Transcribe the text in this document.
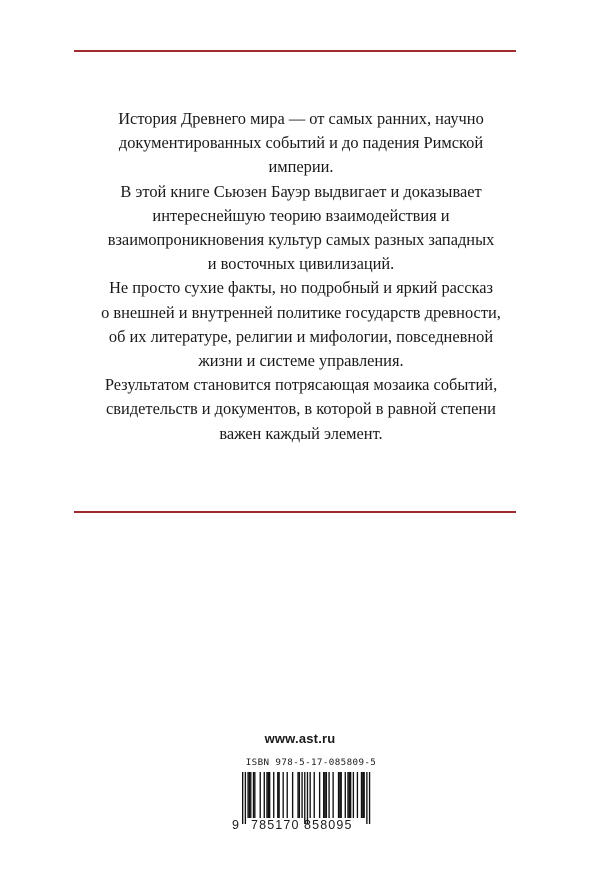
История Древнего мира — от самых ранних, научно
документированных событий и до падения Римской
империи.

В этой книге Сьюзен Бауэр выдвигает и доказывает
интереснейшую теорию взаимодействия и
взаимопроникновения культур самых разных западных
и восточных цивилизаций.

Не просто сухие факты, но подробный и яркий рассказ
о внешней и внутренней политике государств древности,
об их литературе, религии и мифологии, повседневной
жизни и системе управления.

Результатом становится потрясающая мозаика событий,
свидетельств и документов, в которой в равной степени
важен каждый элемент.

www.ast.ru
ISBN 978-5-17-085809-5
9 785170 858095
